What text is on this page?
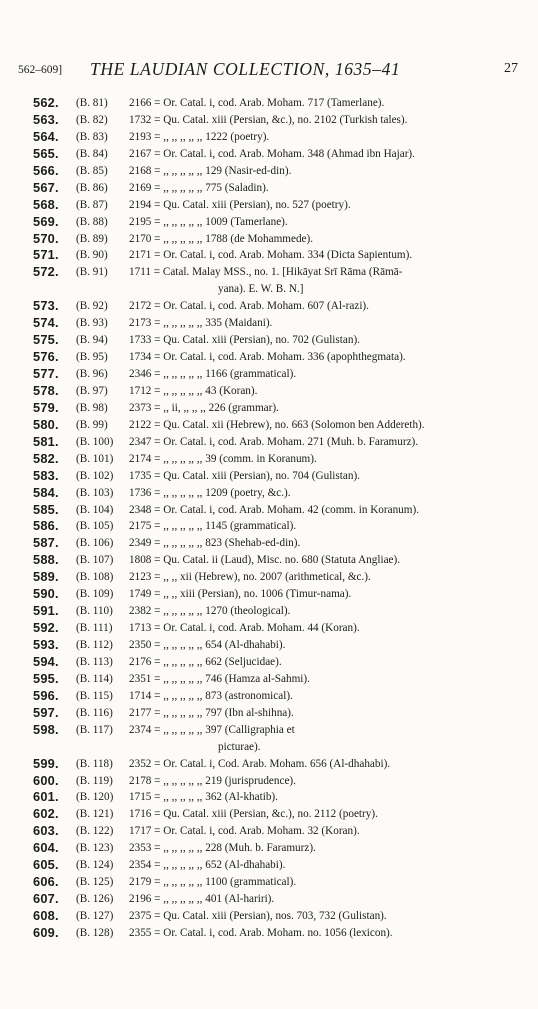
562–609] THE LAUDIAN COLLECTION, 1635–41	27
562. (B. 81) 2166 = Or. Catal. i, cod. Arab. Moham. 717 (Tamerlane).
563. (B. 82) 1732 = Qu. Catal. xiii (Persian, &c.), no. 2102 (Turkish tales).
564. (B. 83) 2193 = ,, ,, ,, ,, ,, 1222 (poetry).
565. (B. 84) 2167 = Or. Catal. i, cod. Arab. Moham. 348 (Ahmad ibn Hajar).
566. (B. 85) 2168 = ,, ,, ,, ,, ,, 129 (Nasir-ed-din).
567. (B. 86) 2169 = ,, ,, ,, ,, ,, 775 (Saladin).
568. (B. 87) 2194 = Qu. Catal. xiii (Persian), no. 527 (poetry).
569. (B. 88) 2195 = ,, ,, ,, ,, ,, 1009 (Tamerlane).
570. (B. 89) 2170 = ,, ,, ,, ,, ,, 1788 (de Mohammede).
571. (B. 90) 2171 = Or. Catal. i, cod. Arab. Moham. 334 (Dicta Sapientum).
572. (B. 91) 1711 = Catal. Malay MSS., no. 1. [Hikāyat Srī Rāma (Rāmā-
yana). E. W. B. N.]
573. (B. 92) 2172 = Or. Catal. i, cod. Arab. Moham. 607 (Al-razi).
574. (B. 93) 2173 = ,, ,, ,, ,, ,, 335 (Maidani).
575. (B. 94) 1733 = Qu. Catal. xiii (Persian), no. 702 (Gulistan).
576. (B. 95) 1734 = Or. Catal. i, cod. Arab. Moham. 336 (apophthegmata).
577. (B. 96) 2346 = ,, ,, ,, ,, ,, 1166 (grammatical).
578. (B. 97) 1712 = ,, ,, ,, ,, ,, 43 (Koran).
579. (B. 98) 2373 = ,, ii, ,, ,, ,, 226 (grammar).
580. (B. 99) 2122 = Qu. Catal. xii (Hebrew), no. 663 (Solomon ben Addereth).
581. (B. 100) 2347 = Or. Catal. i, cod. Arab. Moham. 271 (Muh. b. Faramurz).
582. (B. 101) 2174 = ,, ,, ,, ,, ,, 39 (comm. in Koranum).
583. (B. 102) 1735 = Qu. Catal. xiii (Persian), no. 704 (Gulistan).
584. (B. 103) 1736 = ,, ,, ,, ,, ,, 1209 (poetry, &c.).
585. (B. 104) 2348 = Or. Catal. i, cod. Arab. Moham. 42 (comm. in Koranum).
586. (B. 105) 2175 = ,, ,, ,, ,, ,, 1145 (grammatical).
587. (B. 106) 2349 = ,, ,, ,, ,, ,, 823 (Shehab-ed-din).
588. (B. 107) 1808 = Qu. Catal. ii (Laud), Misc. no. 680 (Statuta Angliae).
589. (B. 108) 2123 = ,, ,, xii (Hebrew), no. 2007 (arithmetical, &c.).
590. (B. 109) 1749 = ,, ,, xiii (Persian), no. 1006 (Timur-nama).
591. (B. 110) 2382 = ,, ,, ,, ,, ,, 1270 (theological).
592. (B. 111) 1713 = Or. Catal. i, cod. Arab. Moham. 44 (Koran).
593. (B. 112) 2350 = ,, ,, ,, ,, ,, 654 (Al-dhahabi).
594. (B. 113) 2176 = ,, ,, ,, ,, ,, 662 (Seljucidae).
595. (B. 114) 2351 = ,, ,, ,, ,, ,, 746 (Hamza al-Sahmi).
596. (B. 115) 1714 = ,, ,, ,, ,, ,, 873 (astronomical).
597. (B. 116) 2177 = ,, ,, ,, ,, ,, 797 (Ibn al-shihna).
598. (B. 117) 2374 = ,, ,, ,, ,, ,, 397 (Calligraphia et
picturae).
599. (B. 118) 2352 = Or. Catal. i, Cod. Arab. Moham. 656 (Al-dhahabi).
600. (B. 119) 2178 = ,, ,, ,, ,, ,, 219 (jurisprudence).
601. (B. 120) 1715 = ,, ,, ,, ,, ,, 362 (Al-khatib).
602. (B. 121) 1716 = Qu. Catal. xiii (Persian, &c.), no. 2112 (poetry).
603. (B. 122) 1717 = Or. Catal. i, cod. Arab. Moham. 32 (Koran).
604. (B. 123) 2353 = ,, ,, ,, ,, ,, 228 (Muh. b. Faramurz).
605. (B. 124) 2354 = ,, ,, ,, ,, ,, 652 (Al-dhahabi).
606. (B. 125) 2179 = ,, ,, ,, ,, ,, 1100 (grammatical).
607. (B. 126) 2196 = ,, ,, ,, ,, ,, 401 (Al-hariri).
608. (B. 127) 2375 = Qu. Catal. xiii (Persian), nos. 703, 732 (Gulistan).
609. (B. 128) 2355 = Or. Catal. i, cod. Arab. Moham. no. 1056 (lexicon).
